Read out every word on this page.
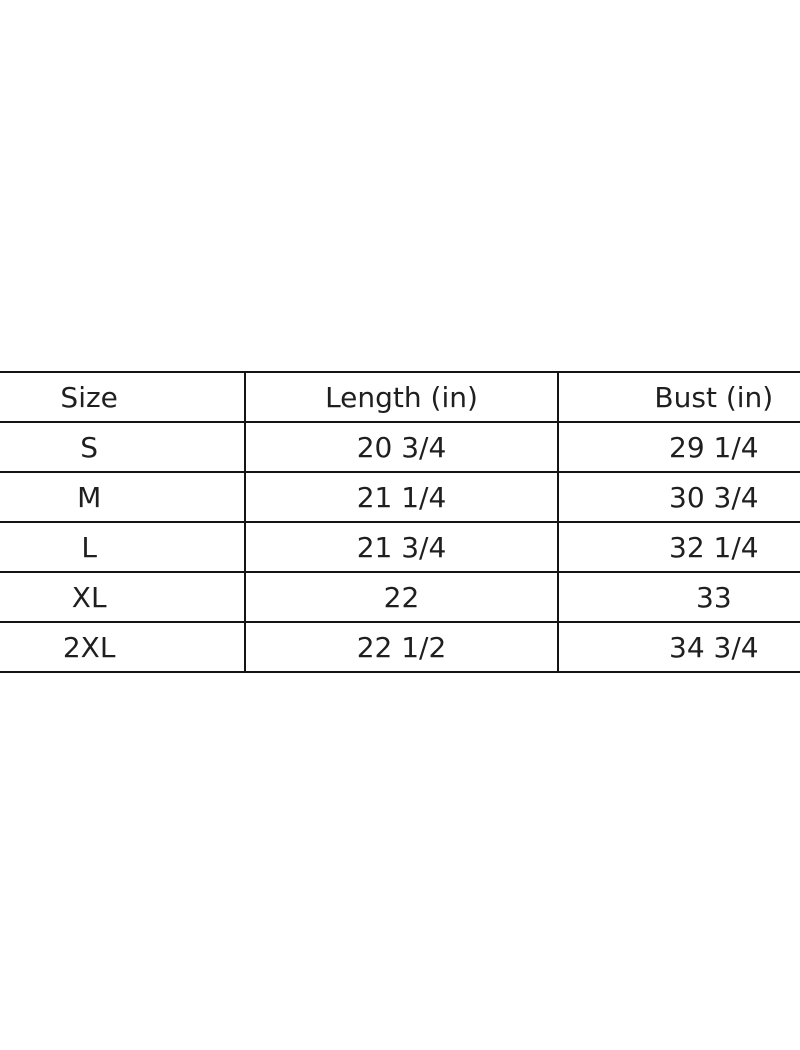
Size	Length (in)	Bust (in)
S	20 3/4	29 1/4
M	21 1/4	30 3/4
L	21 3/4	32 1/4
XL	22	33
2XL	22 1/2	34 3/4
